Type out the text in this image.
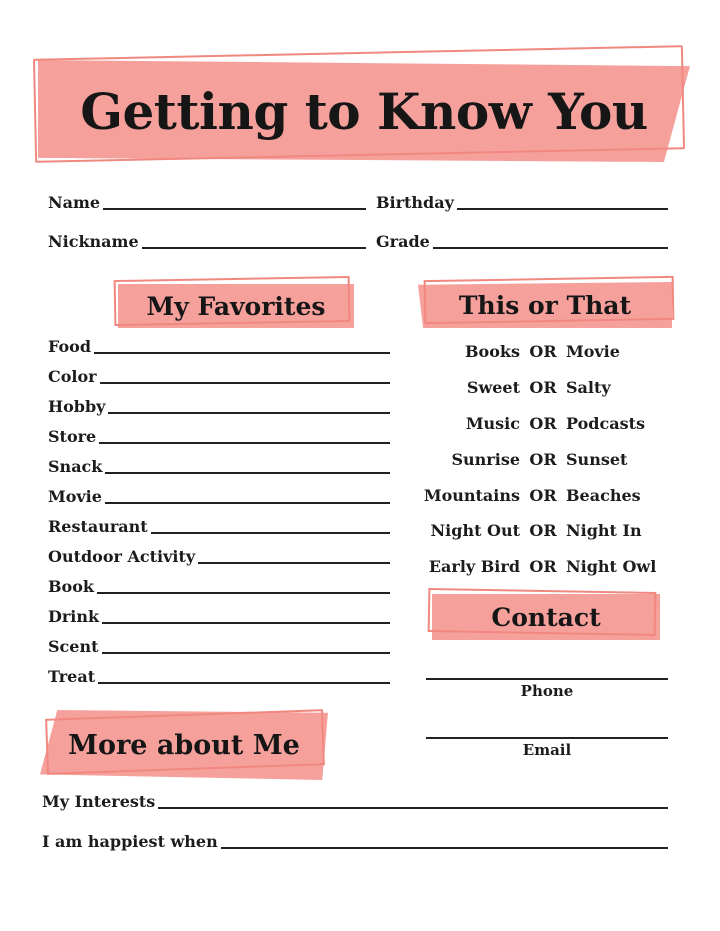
Getting to Know You
Name	Birthday
Nickname	Grade
My Favorites
Food
Color
Hobby
Store
Snack
Movie
Restaurant
Outdoor Activity
Book
Drink
Scent
Treat
This or That
Books OR Movie
Sweet OR Salty
Music OR Podcasts
Sunrise OR Sunset
Mountains OR Beaches
Night Out OR Night In
Early Bird OR Night Owl
Contact
Phone
Email
More about Me
My Interests
I am happiest when
